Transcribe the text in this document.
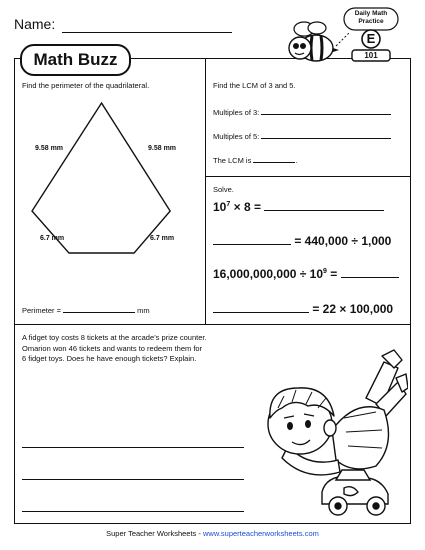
Name:
Math Buzz
Daily Math
Practice
E
101
Find the perimeter of the quadrilateral.
9.58 mm	9.58 mm
6.7 mm	6.7 mm
Perimeter =	mm
Find the LCM of 3 and 5.
Multiples of 3:
Multiples of 5:
The LCM is	.
Solve.
$10^7 \times 8$ =
= 440,000 ÷ 1,000
$16,000,000,000 \div 10^9$ =
= 22 × 100,000
A fidget toy costs 8 tickets at the arcade’s prize counter.
Omarion won 46 tickets and wants to redeem them for
6 fidget toys. Does he have enough tickets? Explain.
Super Teacher Worksheets - www.superteacherworksheets.com
